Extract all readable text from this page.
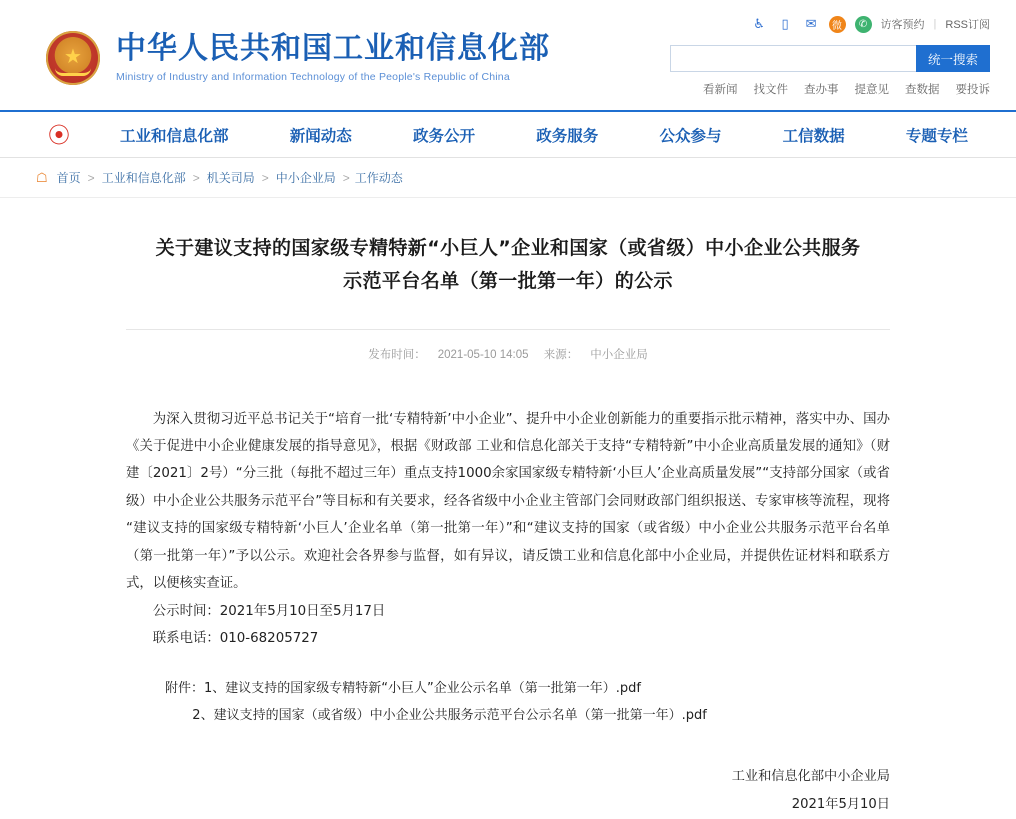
★
中华人民共和国工业和信息化部
Ministry of Industry and Information Technology of the People's Republic of China
♿	▯	✉	微	✆	访客预约 | RSS订阅
统一搜索
看新闻 找文件 查办事 提意见 查数据 要投诉
⦿	工业和信息化部	新闻动态	政务公开	政务服务	公众参与	工信数据	专题专栏
☖ 首页 > 工业和信息化部 > 机关司局 > 中小企业局 > 工作动态
关于建议支持的国家级专精特新“小巨人”企业和国家（或省级）中小企业公共服务
示范平台名单（第一批第一年）的公示
发布时间： 2021-05-10 14:05 来源： 中小企业局

为深入贯彻习近平总书记关于“培育一批‘专精特新’中小企业”、提升中小企业创新能力的重要指示批示精神，落实中办、国办《关于促进中小企业健康发展的指导意见》，根据《财政部 工业和信息化部关于支持“专精特新”中小企业高质量发展的通知》（财建〔2021〕2号）“分三批（每批不超过三年）重点支持1000余家国家级专精特新‘小巨人’企业高质量发展”“支持部分国家（或省级）中小企业公共服务示范平台”等目标和有关要求，经各省级中小企业主管部门会同财政部门组织报送、专家审核等流程，现将“建议支持的国家级专精特新‘小巨人’企业名单（第一批第一年）”和“建议支持的国家（或省级）中小企业公共服务示范平台名单（第一批第一年）”予以公示。欢迎社会各界参与监督，如有异议，请反馈工业和信息化部中小企业局，并提供佐证材料和联系方式，以便核实查证。

公示时间：2021年5月10日至5月17日

联系电话：010-68205727

附件：1、建议支持的国家级专精特新“小巨人”企业公示名单（第一批第一年）.pdf
2、建议支持的国家（或省级）中小企业公共服务示范平台公示名单（第一批第一年）.pdf
工业和信息化部中小企业局
2021年5月10日
